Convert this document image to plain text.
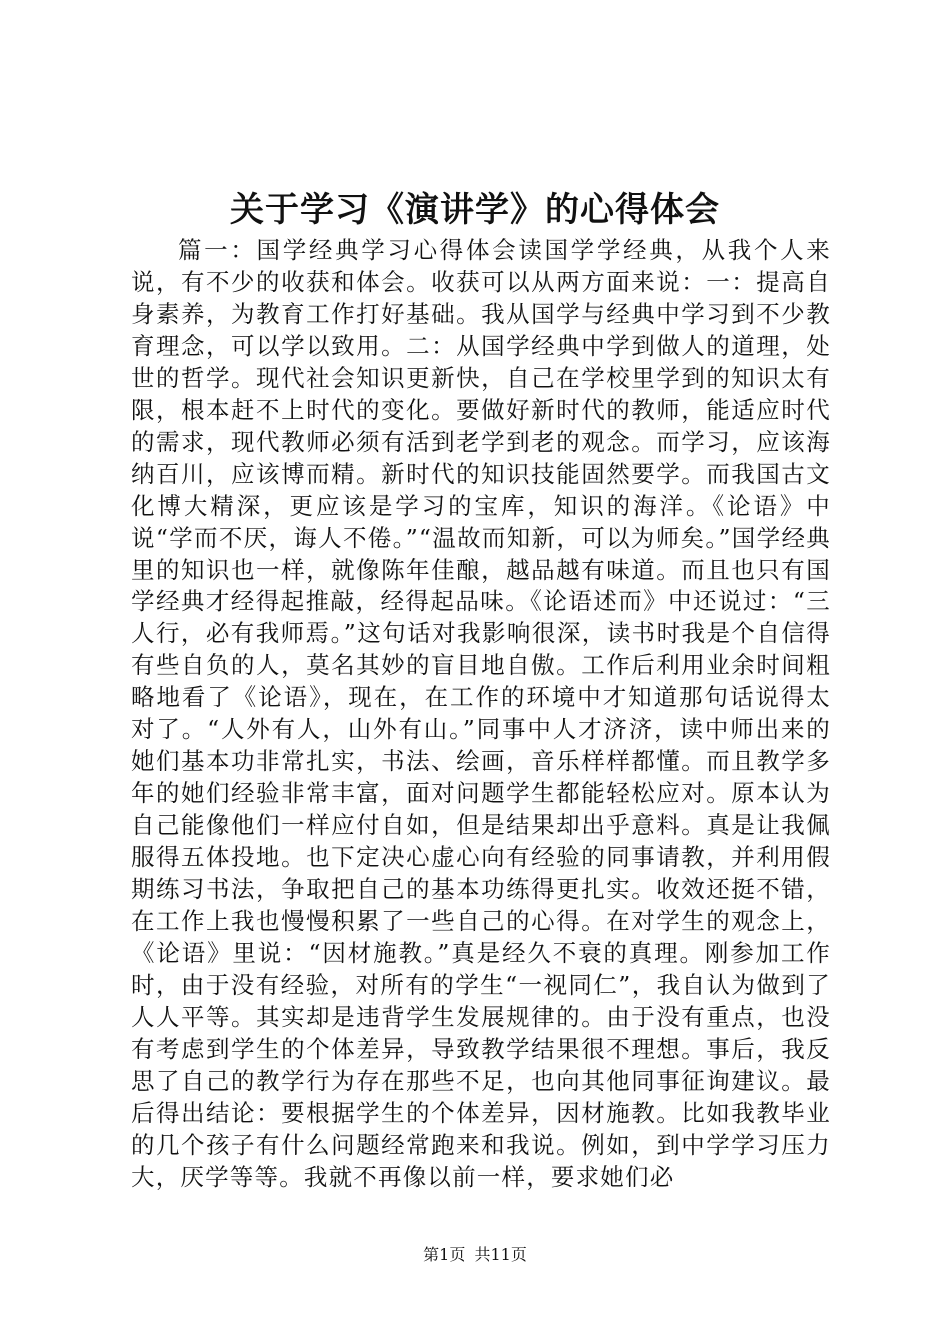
关于学习《演讲学》的心得体会

篇一：国学经典学习心得体会读国学学经典，从我个人来说，有不少的收获和体会。收获可以从两方面来说：一：提高自身素养，为教育工作打好基础。我从国学与经典中学习到不少教育理念，可以学以致用。二：从国学经典中学到做人的道理，处世的哲学。现代社会知识更新快，自己在学校里学到的知识太有限，根本赶不上时代的变化。要做好新时代的教师，能适应时代的需求，现代教师必须有活到老学到老的观念。而学习，应该海纳百川，应该博而精。新时代的知识技能固然要学。而我国古文化博大精深，更应该是学习的宝库，知识的海洋。《论语》中说“学而不厌，诲人不倦。”“温故而知新，可以为师矣。”国学经典里的知识也一样，就像陈年佳酿，越品越有味道。而且也只有国学经典才经得起推敲，经得起品味。《论语述而》中还说过：“三人行，必有我师焉。”这句话对我影响很深，读书时我是个自信得有些自负的人，莫名其妙的盲目地自傲。工作后利用业余时间粗略地看了《论语》，现在，在工作的环境中才知道那句话说得太对了。“人外有人，山外有山。”同事中人才济济，读中师出来的她们基本功非常扎实，书法、绘画，音乐样样都懂。而且教学多年的她们经验非常丰富，面对问题学生都能轻松应对。原本认为自己能像他们一样应付自如，但是结果却出乎意料。真是让我佩服得五体投地。也下定决心虚心向有经验的同事请教，并利用假期练习书法，争取把自己的基本功练得更扎实。收效还挺不错，在工作上我也慢慢积累了一些自己的心得。在对学生的观念上，《论语》里说：“因材施教。”真是经久不衰的真理。刚参加工作时，由于没有经验，对所有的学生“一视同仁”，我自认为做到了人人平等。其实却是违背学生发展规律的。由于没有重点，也没有考虑到学生的个体差异，导致教学结果很不理想。事后，我反思了自己的教学行为存在那些不足，也向其他同事征询建议。最后得出结论：要根据学生的个体差异，因材施教。比如我教毕业的几个孩子有什么问题经常跑来和我说。例如，到中学学习压力大，厌学等等。我就不再像以前一样，要求她们必

第1页 共11页
